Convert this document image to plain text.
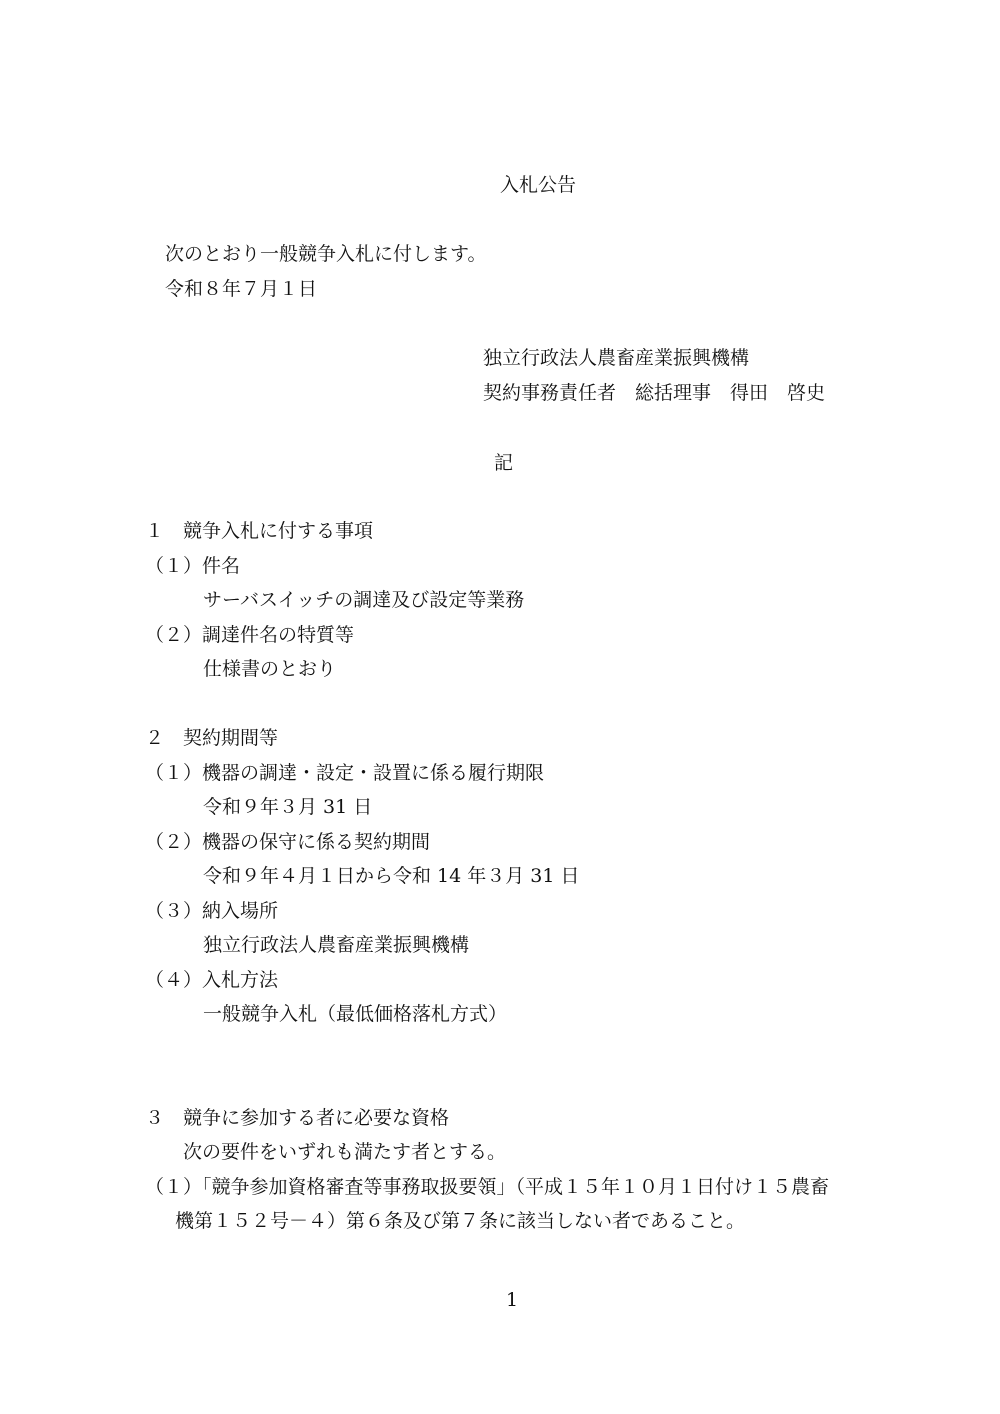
入札公告
次のとおり一般競争入札に付します。
令和８年７月１日
独立行政法人農畜産業振興機構
契約事務責任者　総括理事　得田　啓史
記
１　競争入札に付する事項
（１）件名
サーバスイッチの調達及び設定等業務
（２）調達件名の特質等
仕様書のとおり
２　契約期間等
（１）機器の調達・設定・設置に係る履行期限
令和９年３月 31 日
（２）機器の保守に係る契約期間
令和９年４月１日から令和 14 年３月 31 日
（３）納入場所
独立行政法人農畜産業振興機構
（４）入札方法
一般競争入札（最低価格落札方式）
３　競争に参加する者に必要な資格
次の要件をいずれも満たす者とする。
（１）「競争参加資格審査等事務取扱要領」（平成１５年１０月１日付け１５農畜
機第１５２号－４）第６条及び第７条に該当しない者であること。
1
